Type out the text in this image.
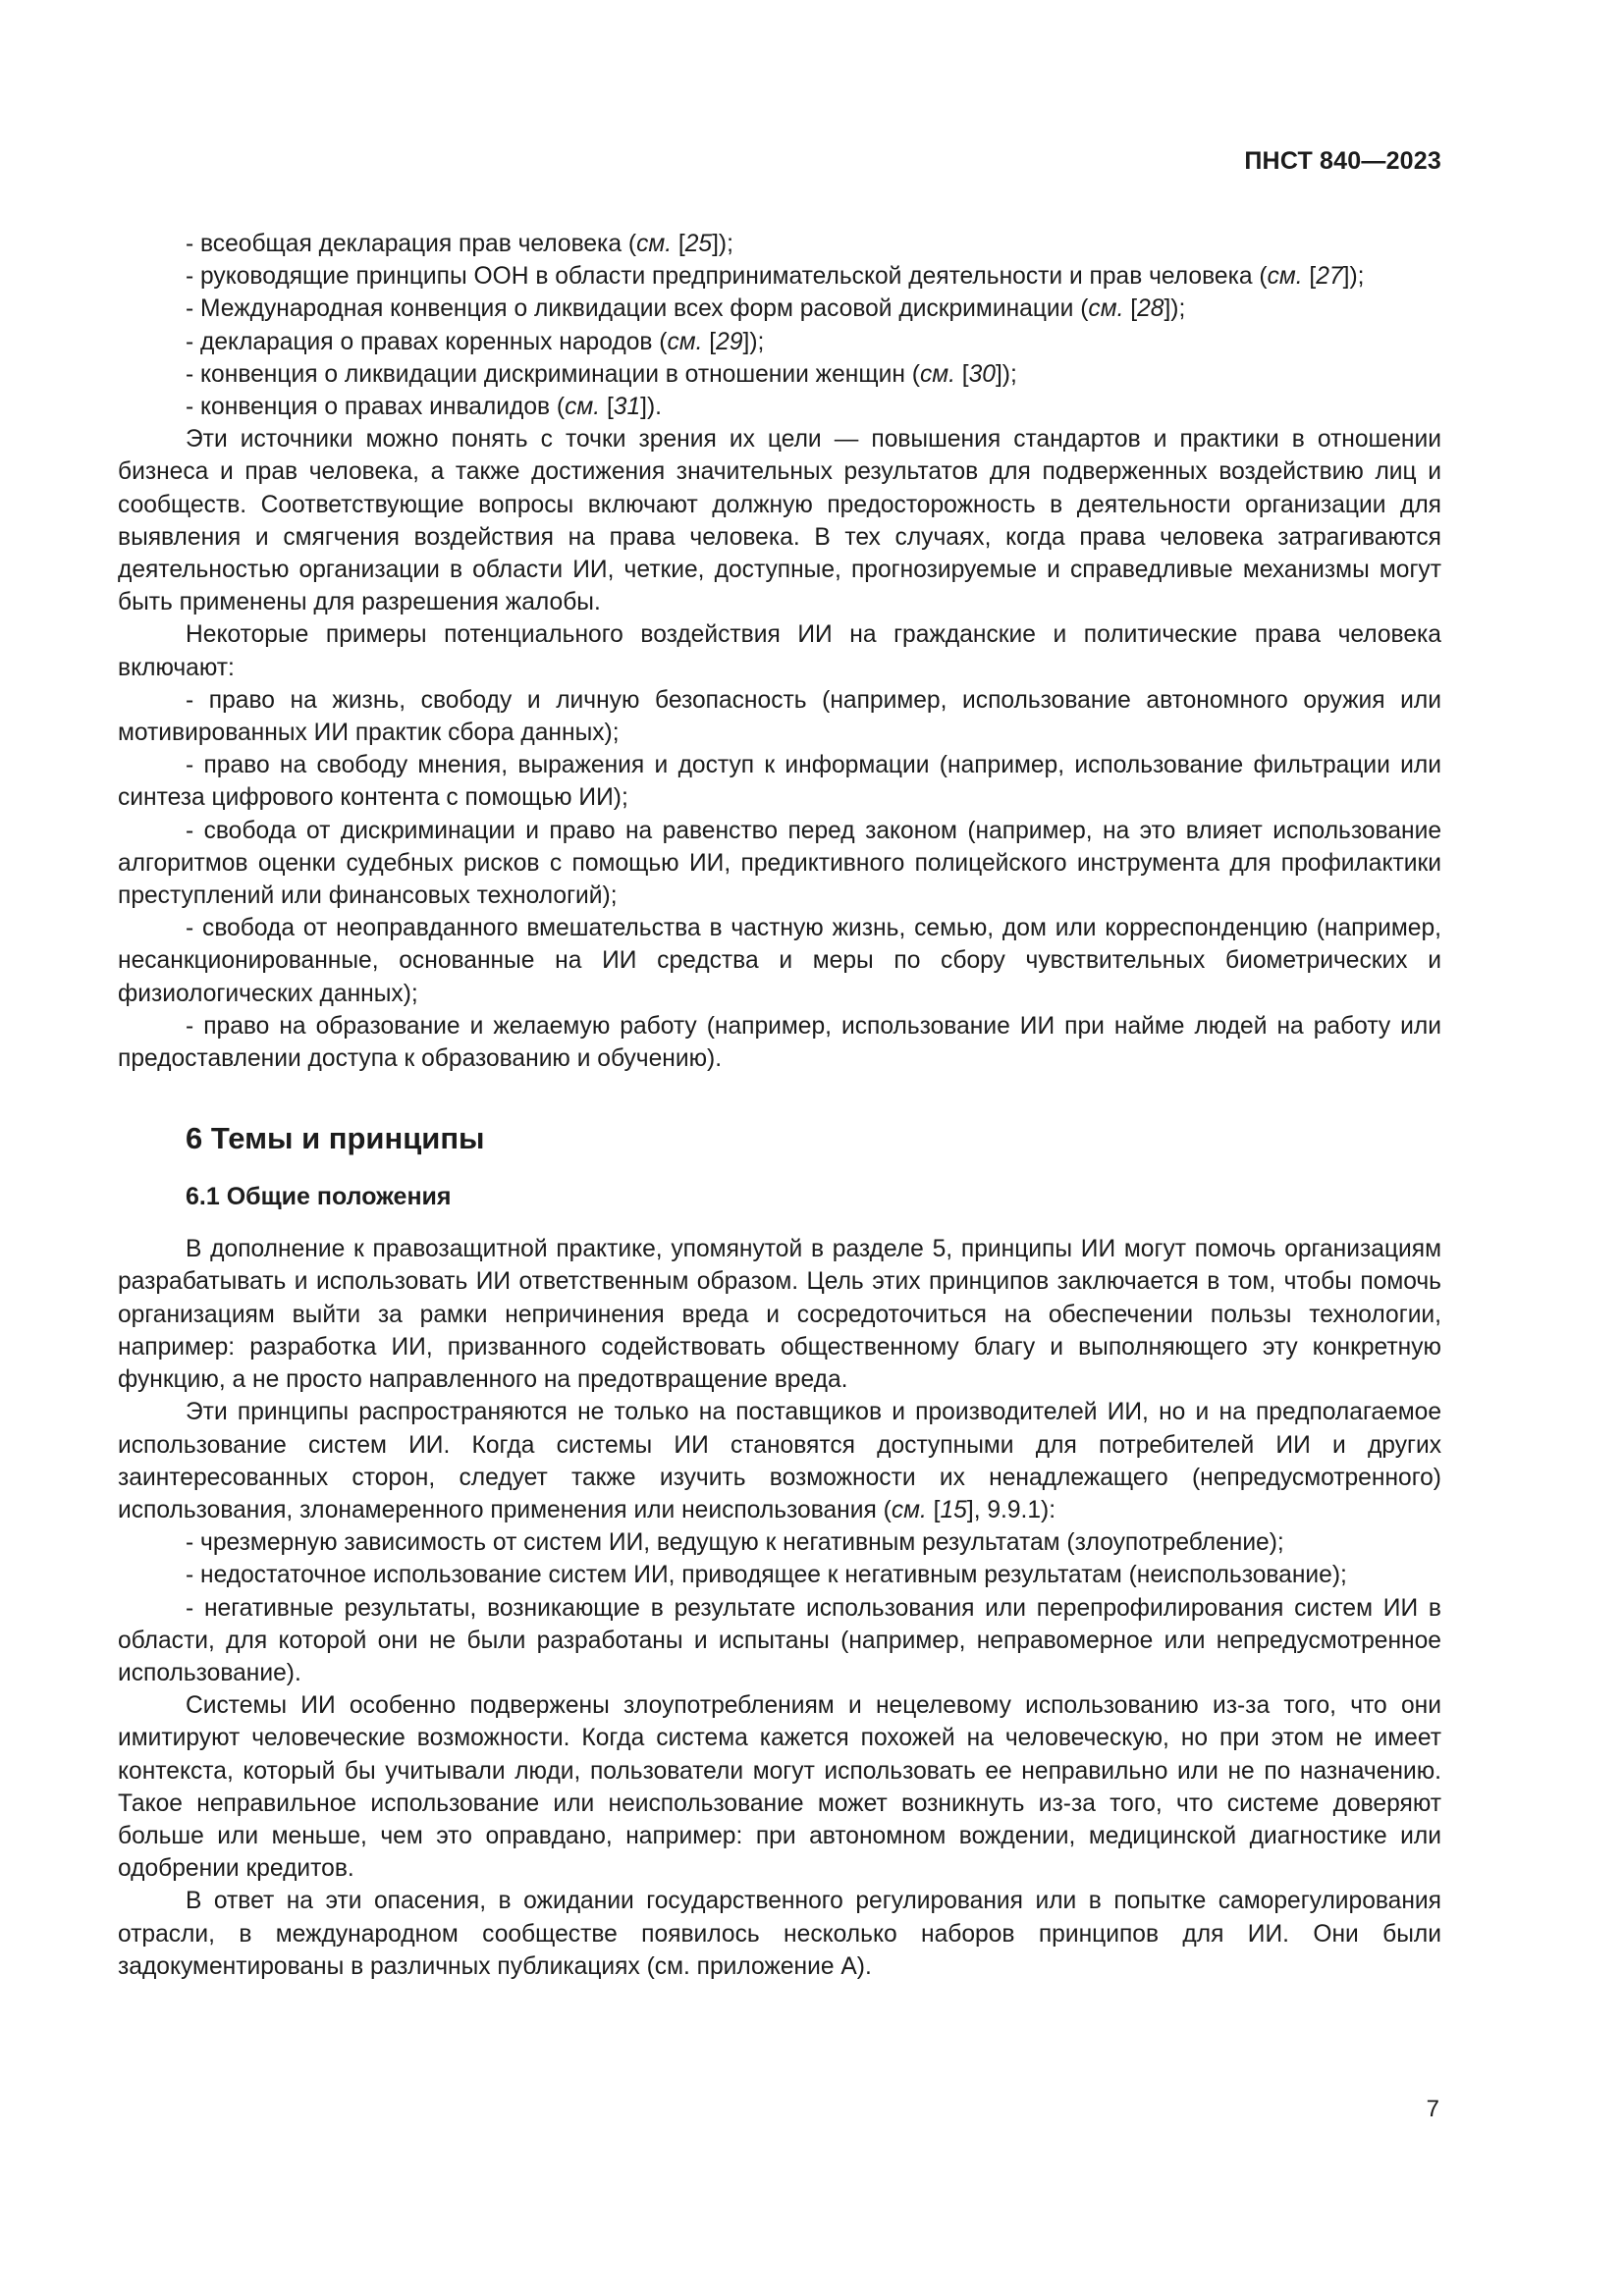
ПНСТ 840—2023

- всеобщая декларация прав человека (см. [25]);

- руководящие принципы ООН в области предпринимательской деятельности и прав человека (см. [27]);

- Международная конвенция о ликвидации всех форм расовой дискриминации (см. [28]);

- декларация о правах коренных народов (см. [29]);

- конвенция о ликвидации дискриминации в отношении женщин (см. [30]);

- конвенция о правах инвалидов (см. [31]).

Эти источники можно понять с точки зрения их цели — повышения стандартов и практики в отношении бизнеса и прав человека, а также достижения значительных результатов для подверженных воздействию лиц и сообществ. Соответствующие вопросы включают должную предосторожность в деятельности организации для выявления и смягчения воздействия на права человека. В тех случаях, когда права человека затрагиваются деятельностью организации в области ИИ, четкие, доступные, прогнозируемые и справедливые механизмы могут быть применены для разрешения жалобы.

Некоторые примеры потенциального воздействия ИИ на гражданские и политические права человека включают:

- право на жизнь, свободу и личную безопасность (например, использование автономного оружия или мотивированных ИИ практик сбора данных);

- право на свободу мнения, выражения и доступ к информации (например, использование фильтрации или синтеза цифрового контента с помощью ИИ);

- свобода от дискриминации и право на равенство перед законом (например, на это влияет использование алгоритмов оценки судебных рисков с помощью ИИ, предиктивного полицейского инструмента для профилактики преступлений или финансовых технологий);

- свобода от неоправданного вмешательства в частную жизнь, семью, дом или корреспонденцию (например, несанкционированные, основанные на ИИ средства и меры по сбору чувствительных биометрических и физиологических данных);

- право на образование и желаемую работу (например, использование ИИ при найме людей на работу или предоставлении доступа к образованию и обучению).

6 Темы и принципы
6.1 Общие положения

В дополнение к правозащитной практике, упомянутой в разделе 5, принципы ИИ могут помочь организациям разрабатывать и использовать ИИ ответственным образом. Цель этих принципов заключается в том, чтобы помочь организациям выйти за рамки непричинения вреда и сосредоточиться на обеспечении пользы технологии, например: разработка ИИ, призванного содействовать общественному благу и выполняющего эту конкретную функцию, а не просто направленного на предотвращение вреда.

Эти принципы распространяются не только на поставщиков и производителей ИИ, но и на предполагаемое использование систем ИИ. Когда системы ИИ становятся доступными для потребителей ИИ и других заинтересованных сторон, следует также изучить возможности их ненадлежащего (непредусмотренного) использования, злонамеренного применения или неиспользования (см. [15], 9.9.1):

- чрезмерную зависимость от систем ИИ, ведущую к негативным результатам (злоупотребление);

- недостаточное использование систем ИИ, приводящее к негативным результатам (неиспользование);

- негативные результаты, возникающие в результате использования или перепрофилирования систем ИИ в области, для которой они не были разработаны и испытаны (например, неправомерное или непредусмотренное использование).

Системы ИИ особенно подвержены злоупотреблениям и нецелевому использованию из-за того, что они имитируют человеческие возможности. Когда система кажется похожей на человеческую, но при этом не имеет контекста, который бы учитывали люди, пользователи могут использовать ее неправильно или не по назначению. Такое неправильное использование или неиспользование может возникнуть из-за того, что системе доверяют больше или меньше, чем это оправдано, например: при автономном вождении, медицинской диагностике или одобрении кредитов.

В ответ на эти опасения, в ожидании государственного регулирования или в попытке саморегулирования отрасли, в международном сообществе появилось несколько наборов принципов для ИИ. Они были задокументированы в различных публикациях (см. приложение А).

7
